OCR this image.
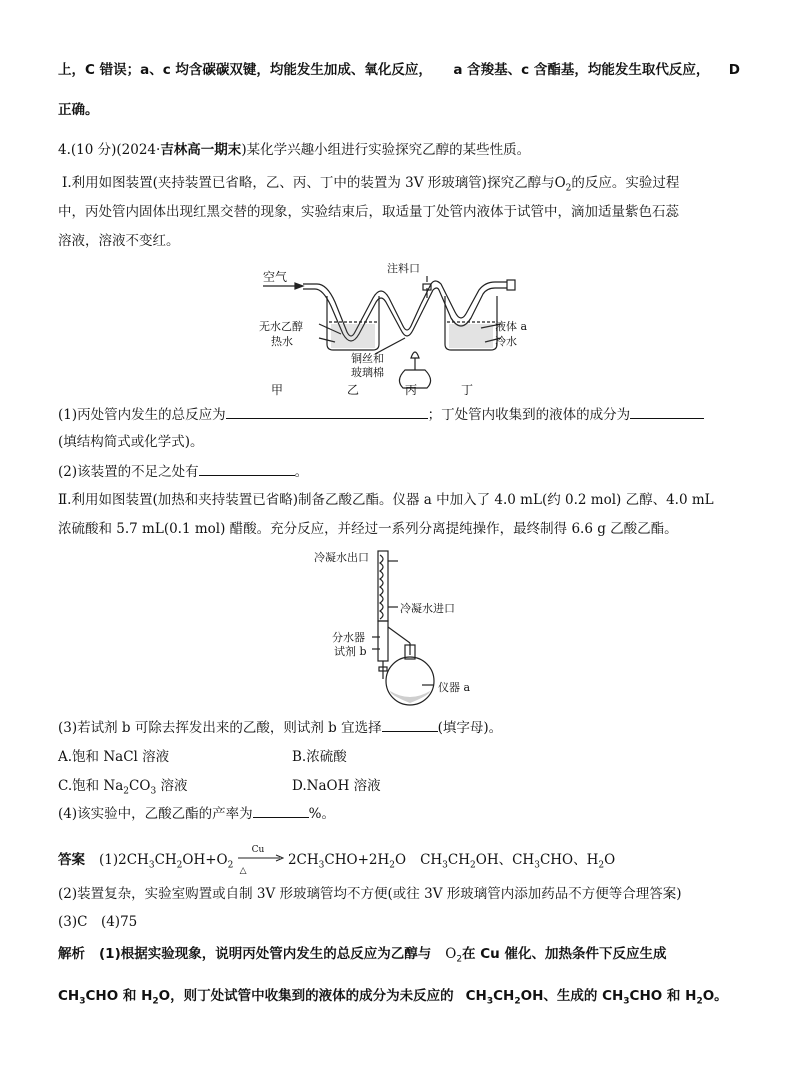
上，C 错误；a、c 均含碳碳双键，均能发生加成、氧化反应， a 含羧基、c 含酯基，均能发生取代反应， D
正确。
4.(10 分)(2024·吉林高一期末)某化学兴趣小组进行实验探究乙醇的某些性质。
Ⅰ.利用如图装置(夹持装置已省略，乙、丙、丁中的装置为 3V 形玻璃管)探究乙醇与$O_2$的反应。实验过程
中，丙处管内固体出现红黑交替的现象，实验结束后，取适量丁处管内液体于试管中，滴加适量紫色石蕊
溶液，溶液不变红。
空气
注料口
无水乙醇
热水
液体 a
冷水
铜丝和
玻璃棉
甲	乙	丙	丁
(1)丙处管内发生的总反应为	；丁处管内收集到的液体的成分为
(填结构简式或化学式)。
(2)该装置的不足之处有	。
Ⅱ.利用如图装置(加热和夹持装置已省略)制备乙酸乙酯。仪器 a 中加入了 4.0 mL(约 0.2 mol) 乙醇、4.0 mL
浓硫酸和 5.7 mL(0.1 mol) 醋酸。充分反应，并经过一系列分离提纯操作，最终制得 6.6 g 乙酸乙酯。
冷凝水出口
冷凝水进口
分水器
试剂 b
仪器 a
(3)若试剂 b 可除去挥发出来的乙酸，则试剂 b 宜选择	(填字母)。
A.饱和 NaCl 溶液	B.浓硫酸
C.饱和 $Na_2CO_3$ 溶液	D.NaOH 溶液
(4)该实验中，乙酸乙酯的产率为	%。
答案 $(1)2CH_3CH_2OH+O_2$
Cu
△
$2CH_3CHO+2H_2O$ $CH_3CH_2OH$、$CH_3CHO$、$H_2O$
(2)装置复杂，实验室购置或自制 3V 形玻璃管均不方便(或往 3V 形玻璃管内添加药品不方便等合理答案)
(3)C　(4)75
解析 (1)根据实验现象，说明丙处管内发生的总反应为乙醇与 $O_2$在 Cu 催化、加热条件下反应生成
$CH_3CHO$ 和 $H_2O$，则丁处试管中收集到的液体的成分为未反应的 $CH_3CH_2OH$、生成的 $CH_3CHO$ 和 $H_2O$。
